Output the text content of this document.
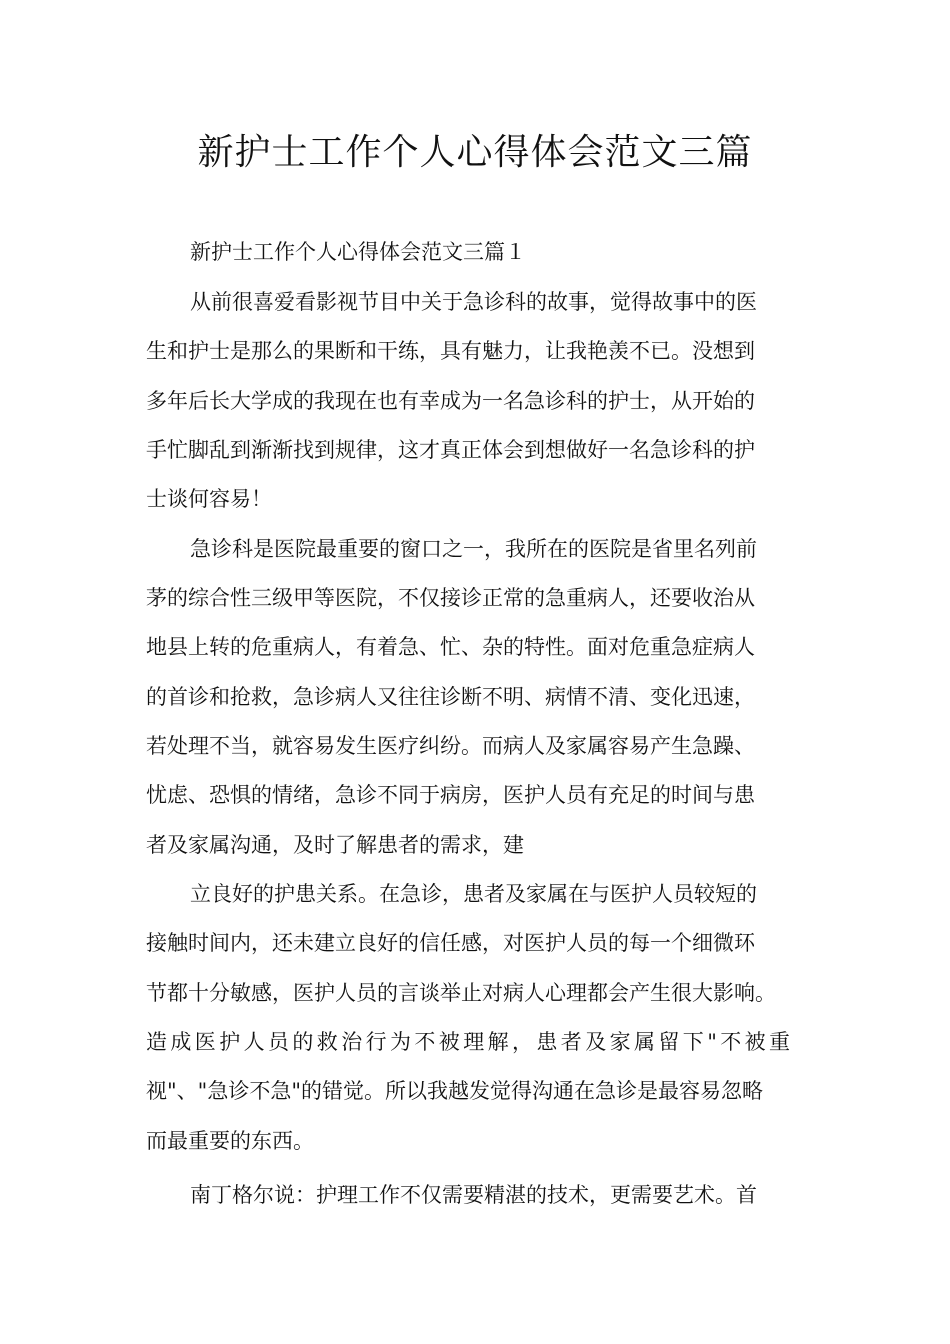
新护士工作个人心得体会范文三篇

新护士工作个人心得体会范文三篇１

从前很喜爱看影视节目中关于急诊科的故事，觉得故事中的医

生和护士是那么的果断和干练，具有魅力，让我艳羡不已。没想到

多年后长大学成的我现在也有幸成为一名急诊科的护士，从开始的

手忙脚乱到渐渐找到规律，这才真正体会到想做好一名急诊科的护

士谈何容易！

急诊科是医院最重要的窗口之一，我所在的医院是省里名列前

茅的综合性三级甲等医院，不仅接诊正常的急重病人，还要收治从

地县上转的危重病人，有着急、忙、杂的特性。面对危重急症病人

的首诊和抢救，急诊病人又往往诊断不明、病情不清、变化迅速，

若处理不当，就容易发生医疗纠纷。而病人及家属容易产生急躁、

忧虑、恐惧的情绪，急诊不同于病房，医护人员有充足的时间与患

者及家属沟通，及时了解患者的需求，建

立良好的护患关系。在急诊，患者及家属在与医护人员较短的

接触时间内，还未建立良好的信任感，对医护人员的每一个细微环

节都十分敏感，医护人员的言谈举止对病人心理都会产生很大影响。

造成医护人员的救治行为不被理解，患者及家属留下"不被重

视"、"急诊不急"的错觉。所以我越发觉得沟通在急诊是最容易忽略

而最重要的东西。

南丁格尔说：护理工作不仅需要精湛的技术，更需要艺术。首
